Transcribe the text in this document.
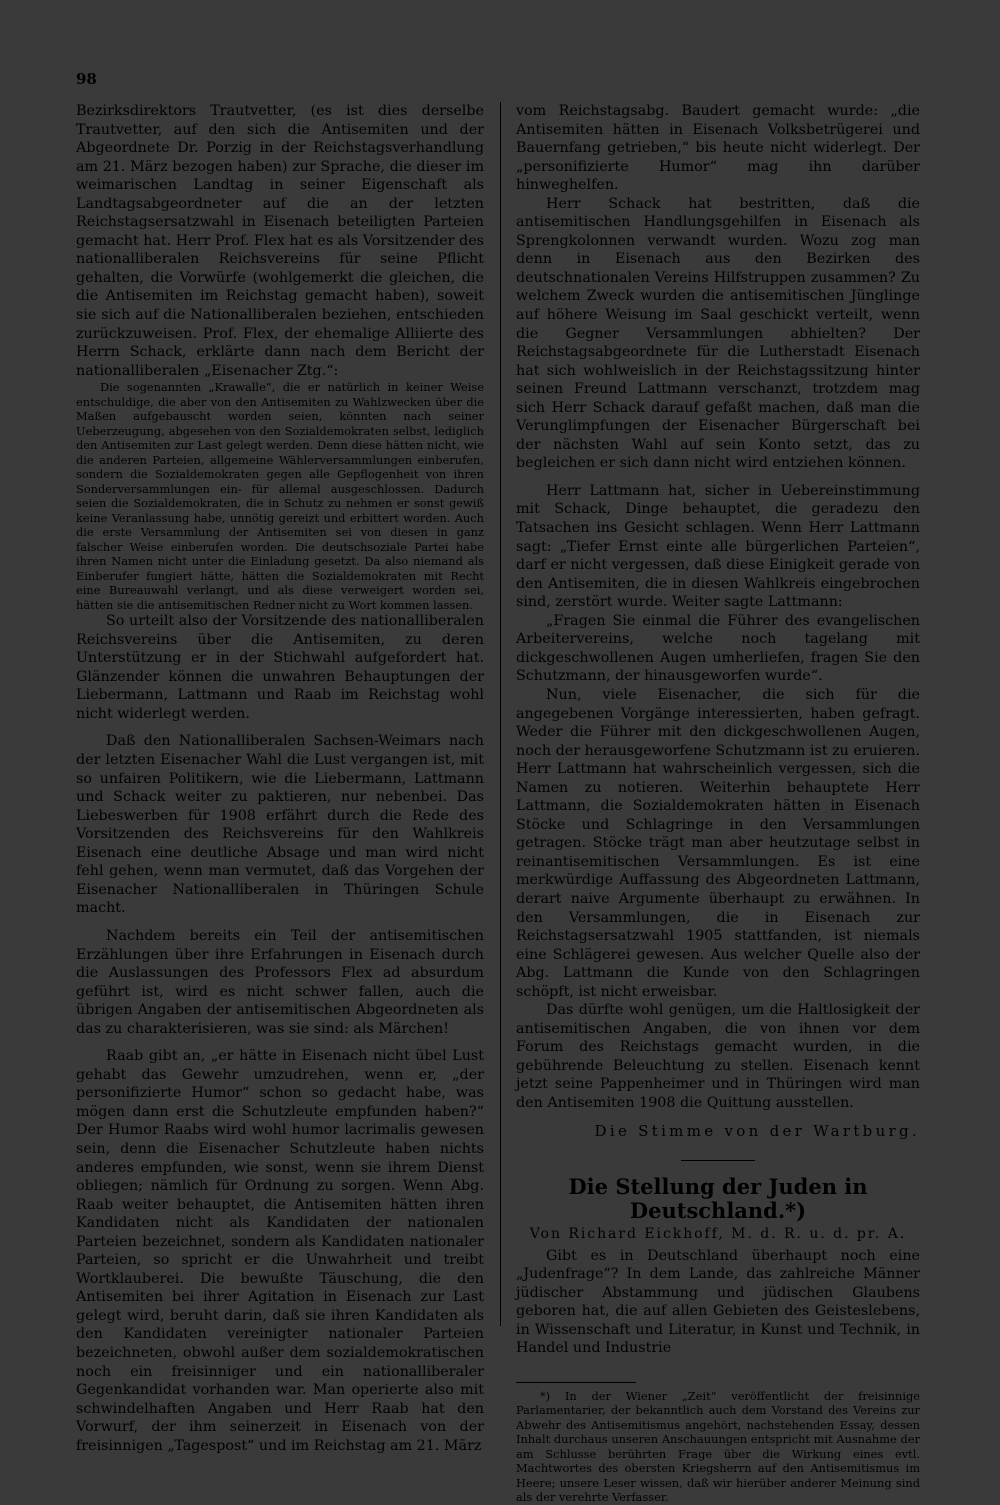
98

Bezirksdirektors Trautvetter, (es ist dies derselbe Trautvetter, auf den sich die Antisemiten und der Abgeordnete Dr. Porzig in der Reichstagsverhandlung am 21. März bezogen haben) zur Sprache, die dieser im weimarischen Landtag in seiner Eigenschaft als Landtagsabgeordneter auf die an der letzten Reichstagsersatzwahl in Eisenach beteiligten Parteien gemacht hat. Herr Prof. Flex hat es als Vorsitzender des nationalliberalen Reichsvereins für seine Pflicht gehalten, die Vorwürfe (wohlgemerkt die gleichen, die die Antisemiten im Reichstag gemacht haben), soweit sie sich auf die Nationalliberalen beziehen, entschieden zurückzuweisen. Prof. Flex, der ehemalige Alliierte des Herrn Schack, erklärte dann nach dem Bericht der nationalliberalen „Eisenacher Ztg.“:

Die sogenannten „Krawalle“, die er natürlich in keiner Weise entschuldige, die aber von den Antisemiten zu Wahlzwecken über die Maßen aufgebauscht worden seien, könnten nach seiner Ueberzeugung, abgesehen von den Sozialdemokraten selbst, lediglich den Antisemiten zur Last gelegt werden. Denn diese hätten nicht, wie die anderen Parteien, allgemeine Wählerversammlungen einberufen, sondern die Sozialdemokraten gegen alle Gepflogenheit von ihren Sonderversammlungen ein- für allemal ausgeschlossen. Dadurch seien die Sozialdemokraten, die in Schutz zu nehmen er sonst gewiß keine Veranlassung habe, unnötig gereizt und erbittert worden. Auch die erste Versammlung der Antisemiten sei von diesen in ganz falscher Weise einberufen worden. Die deutschsoziale Partei habe ihren Namen nicht unter die Einladung gesetzt. Da also niemand als Einberufer fungiert hätte, hätten die Sozialdemokraten mit Recht eine Bureauwahl verlangt, und als diese verweigert worden sei, hätten sie die antisemitischen Redner nicht zu Wort kommen lassen.

So urteilt also der Vorsitzende des nationalliberalen Reichsvereins über die Antisemiten, zu deren Unterstützung er in der Stichwahl aufgefordert hat. Glänzender können die unwahren Behauptungen der Liebermann, Lattmann und Raab im Reichstag wohl nicht widerlegt werden.

Daß den Nationalliberalen Sachsen-Weimars nach der letzten Eisenacher Wahl die Lust vergangen ist, mit so unfairen Politikern, wie die Liebermann, Lattmann und Schack weiter zu paktieren, nur nebenbei. Das Liebeswerben für 1908 erfährt durch die Rede des Vorsitzenden des Reichsvereins für den Wahlkreis Eisenach eine deutliche Absage und man wird nicht fehl gehen, wenn man vermutet, daß das Vorgehen der Eisenacher Nationalliberalen in Thüringen Schule macht.

Nachdem bereits ein Teil der antisemitischen Erzählungen über ihre Erfahrungen in Eisenach durch die Auslassungen des Professors Flex ad absurdum geführt ist, wird es nicht schwer fallen, auch die übrigen Angaben der antisemitischen Abgeordneten als das zu charakterisieren, was sie sind: als Märchen!

Raab gibt an, „er hätte in Eisenach nicht übel Lust gehabt das Gewehr umzudrehen, wenn er, „der personifizierte Humor“ schon so gedacht habe, was mögen dann erst die Schutzleute empfunden haben?“ Der Humor Raabs wird wohl humor lacrimalis gewesen sein, denn die Eisenacher Schutzleute haben nichts anderes empfunden, wie sonst, wenn sie ihrem Dienst obliegen; nämlich für Ordnung zu sorgen. Wenn Abg. Raab weiter behauptet, die Antisemiten hätten ihren Kandidaten nicht als Kandidaten der nationalen Parteien bezeichnet, sondern als Kandidaten nationaler Parteien, so spricht er die Unwahrheit und treibt Wortklauberei. Die bewußte Täuschung, die den Antisemiten bei ihrer Agitation in Eisenach zur Last gelegt wird, beruht darin, daß sie ihren Kandidaten als den Kandidaten vereinigter nationaler Parteien bezeichneten, obwohl außer dem sozialdemokratischen noch ein freisinniger und ein nationalliberaler Gegenkandidat vorhanden war. Man operierte also mit schwindelhaften Angaben und Herr Raab hat den Vorwurf, der ihm seinerzeit in Eisenach von der freisinnigen „Tagespost“ und im Reichstag am 21. März

vom Reichstagsabg. Baudert gemacht wurde: „die Antisemiten hätten in Eisenach Volksbetrügerei und Bauernfang getrieben,“ bis heute nicht widerlegt. Der „personifizierte Humor“ mag ihn darüber hinweghelfen.

Herr Schack hat bestritten, daß die antisemitischen Handlungsgehilfen in Eisenach als Sprengkolonnen verwandt wurden. Wozu zog man denn in Eisenach aus den Bezirken des deutschnationalen Vereins Hilfstruppen zusammen? Zu welchem Zweck wurden die antisemitischen Jünglinge auf höhere Weisung im Saal geschickt verteilt, wenn die Gegner Versammlungen abhielten? Der Reichstagsabgeordnete für die Lutherstadt Eisenach hat sich wohlweislich in der Reichstagssitzung hinter seinen Freund Lattmann verschanzt, trotzdem mag sich Herr Schack darauf gefaßt machen, daß man die Verunglimpfungen der Eisenacher Bürgerschaft bei der nächsten Wahl auf sein Konto setzt, das zu begleichen er sich dann nicht wird entziehen können.

Herr Lattmann hat, sicher in Uebereinstimmung mit Schack, Dinge behauptet, die geradezu den Tatsachen ins Gesicht schlagen. Wenn Herr Lattmann sagt: „Tiefer Ernst einte alle bürgerlichen Parteien“, darf er nicht vergessen, daß diese Einigkeit gerade von den Antisemiten, die in diesen Wahlkreis eingebrochen sind, zerstört wurde. Weiter sagte Lattmann:

„Fragen Sie einmal die Führer des evangelischen Arbeitervereins, welche noch tagelang mit dickgeschwollenen Augen umherliefen, fragen Sie den Schutzmann, der hinausgeworfen wurde“.

Nun, viele Eisenacher, die sich für die angegebenen Vorgänge interessierten, haben gefragt. Weder die Führer mit den dickgeschwollenen Augen, noch der herausgeworfene Schutzmann ist zu eruieren. Herr Lattmann hat wahrscheinlich vergessen, sich die Namen zu notieren. Weiterhin behauptete Herr Lattmann, die Sozialdemokraten hätten in Eisenach Stöcke und Schlagringe in den Versammlungen getragen. Stöcke trägt man aber heutzutage selbst in reinantisemitischen Versammlungen. Es ist eine merkwürdige Auffassung des Abgeordneten Lattmann, derart naive Argumente überhaupt zu erwähnen. In den Versammlungen, die in Eisenach zur Reichstagsersatzwahl 1905 stattfanden, ist niemals eine Schlägerei gewesen. Aus welcher Quelle also der Abg. Lattmann die Kunde von den Schlagringen schöpft, ist nicht erweisbar.

Das dürfte wohl genügen, um die Haltlosigkeit der antisemitischen Angaben, die von ihnen vor dem Forum des Reichstags gemacht wurden, in die gebührende Beleuchtung zu stellen. Eisenach kennt jetzt seine Pappenheimer und in Thüringen wird man den Antisemiten 1908 die Quittung ausstellen.

Die Stimme von der Wartburg.
Die Stellung der Juden in Deutschland.*)
Von Richard Eickhoff, M. d. R. u. d. pr. A.

Gibt es in Deutschland überhaupt noch eine „Judenfrage“? In dem Lande, das zahlreiche Männer jüdischer Abstammung und jüdischen Glaubens geboren hat, die auf allen Gebieten des Geisteslebens, in Wissenschaft und Literatur, in Kunst und Technik, in Handel und Industrie

*) In der Wiener „Zeit“ veröffentlicht der freisinnige Parlamentarier, der bekanntlich auch dem Vorstand des Vereins zur Abwehr des Antisemitismus angehört, nachstehenden Essay, dessen Inhalt durchaus unseren Anschauungen entspricht mit Ausnahme der am Schlusse berührten Frage über die Wirkung eines evtl. Machtwortes des obersten Kriegsherrn auf den Antisemitismus im Heere; unsere Leser wissen, daß wir hierüber anderer Meinung sind als der verehrte Verfasser.
